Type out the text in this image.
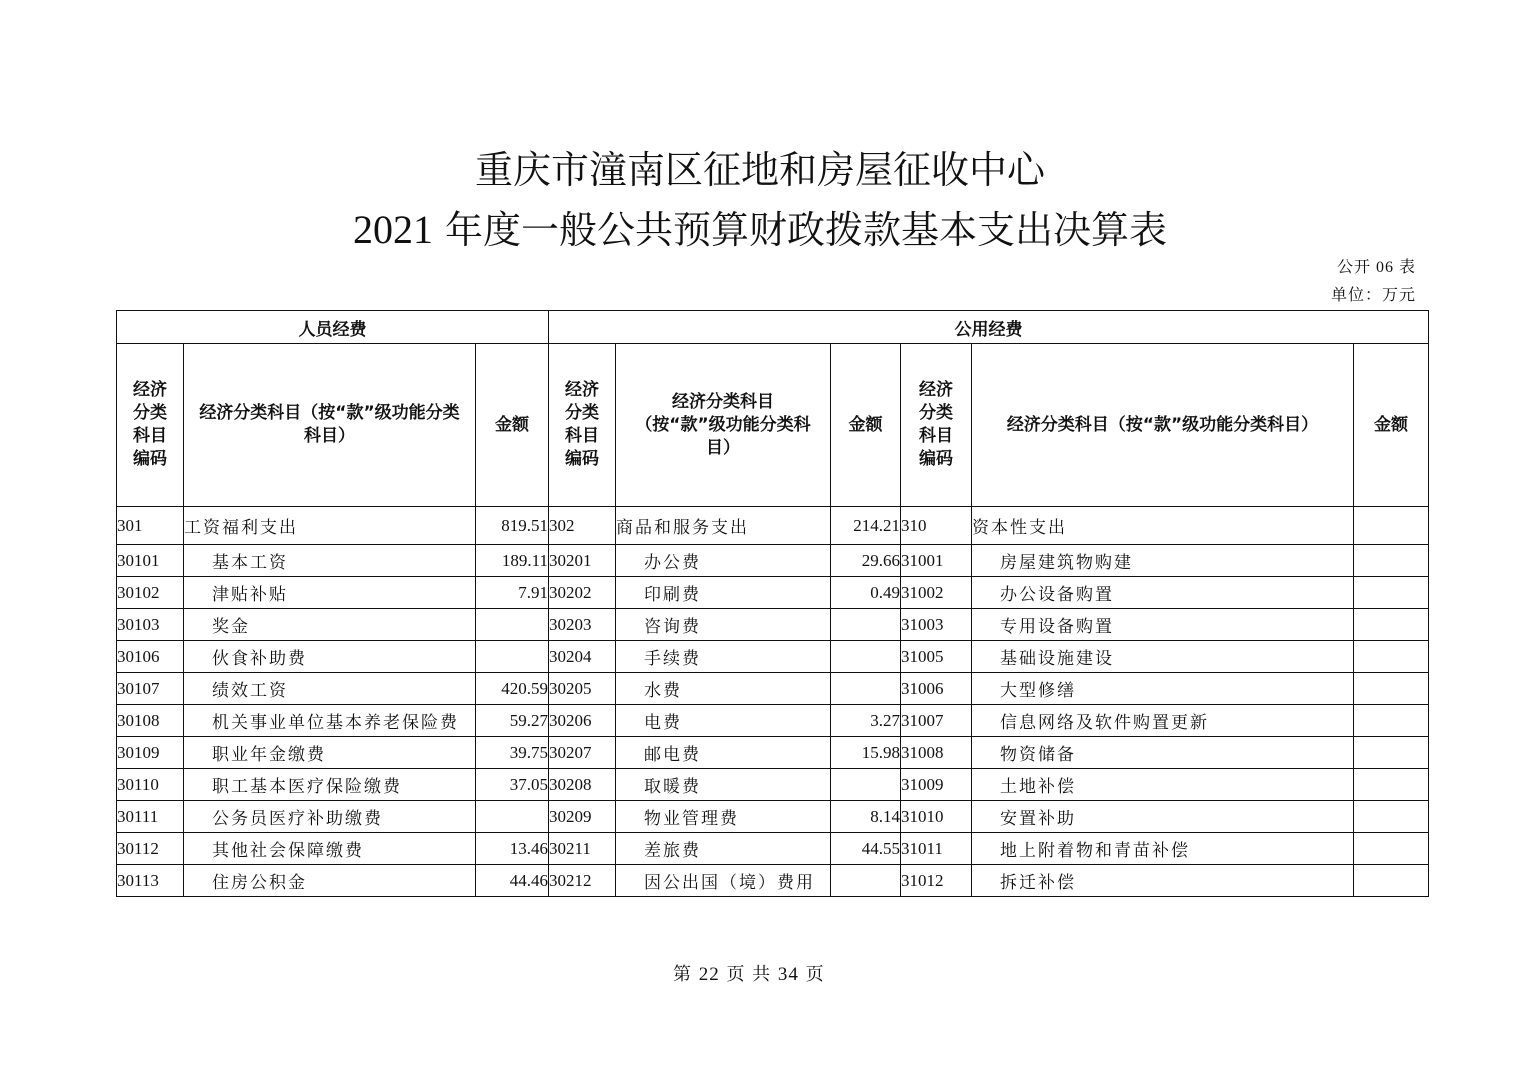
重庆市潼南区征地和房屋征收中心
2021 年度一般公共预算财政拨款基本支出决算表
公开 06 表
单位：万元
人员经费			公用经费					
经济
分类
科目
编码	经济分类科目（按“款”级功能分类科目）	金额	经济
分类
科目
编码	经济分类科目（按“款”级功能分类科目）	金额	经济
分类
科目
编码	经济分类科目（按“款”级功能分类科目）	金额
301	工资福利支出	819.51	302	商品和服务支出	214.21	310	资本性支出	
30101	基本工资	189.11	30201	办公费	29.66	31001	房屋建筑物购建	
30102	津贴补贴	7.91	30202	印刷费	0.49	31002	办公设备购置	
30103	奖金		30203	咨询费		31003	专用设备购置	
30106	伙食补助费		30204	手续费		31005	基础设施建设	
30107	绩效工资	420.59	30205	水费		31006	大型修缮	
30108	机关事业单位基本养老保险费	59.27	30206	电费	3.27	31007	信息网络及软件购置更新	
30109	职业年金缴费	39.75	30207	邮电费	15.98	31008	物资储备	
30110	职工基本医疗保险缴费	37.05	30208	取暖费		31009	土地补偿	
30111	公务员医疗补助缴费		30209	物业管理费	8.14	31010	安置补助	
30112	其他社会保障缴费	13.46	30211	差旅费	44.55	31011	地上附着物和青苗补偿	
30113	住房公积金	44.46	30212	因公出国（境）费用		31012	拆迁补偿	
第 22 页 共 34 页
